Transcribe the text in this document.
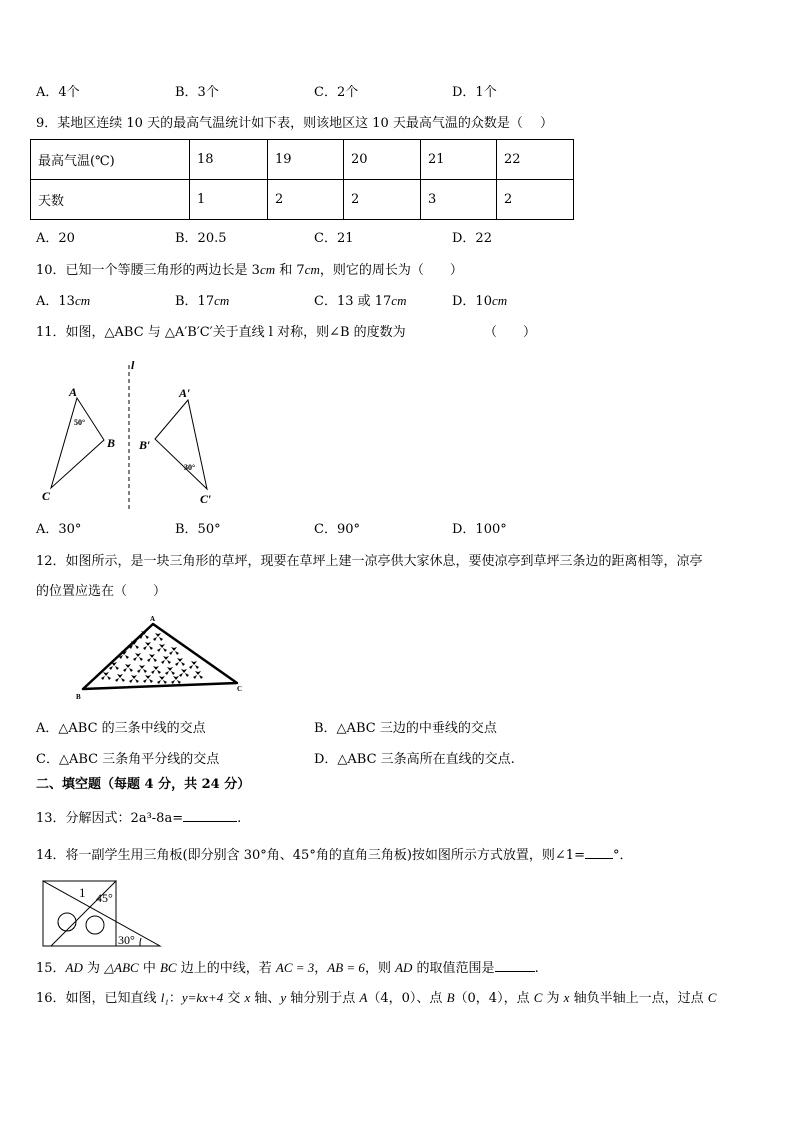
A．4个	B．3个	C．2个	D．1个
9．某地区连续 10 天的最高气温统计如下表，则该地区这 10 天最高气温的众数是（　 ）
最高气温(℃)	18	19	20	21	22
天数	1	2	2	3	2
A．20	B．20.5	C．21	D．22
10．已知一个等腰三角形的两边长是 3cm 和 7cm，则它的周长为（　　）
A．13cm	B．17cm	C．13 或 17cm	D．10cm
11．如图，△ABC 与 △A′B′C′关于直线 l 对称，则∠B 的度数为	（　　）
l
A
B
C
50°
A′
B′
C′
30°
A．30°	B．50°	C．90°	D．100°
12．如图所示，是一块三角形的草坪，现要在草坪上建一凉亭供大家休息，要使凉亭到草坪三条边的距离相等，凉亭
的位置应选在（　　）
A
B
C
A．△ABC 的三条中线的交点	B．△ABC 三边的中垂线的交点
C．△ABC 三条角平分线的交点	D．△ABC 三条高所在直线的交点.
二、填空题（每题 4 分，共 24 分）
13．分解因式：2a³-8a=	.
14．将一副学生用三角板(即分别含 30°角、45°角的直角三角板)按如图所示方式放置，则∠1= °．
1 45°
30°
15．AD 为 △ABC 中 BC 边上的中线，若 AC = 3，AB = 6，则 AD 的取值范围是	.
16．如图，已知直线 l₁：y=kx+4 交 x 轴、y 轴分别于点 A（4，0）、点 B（0，4），点 C 为 x 轴负半轴上一点，过点 C
